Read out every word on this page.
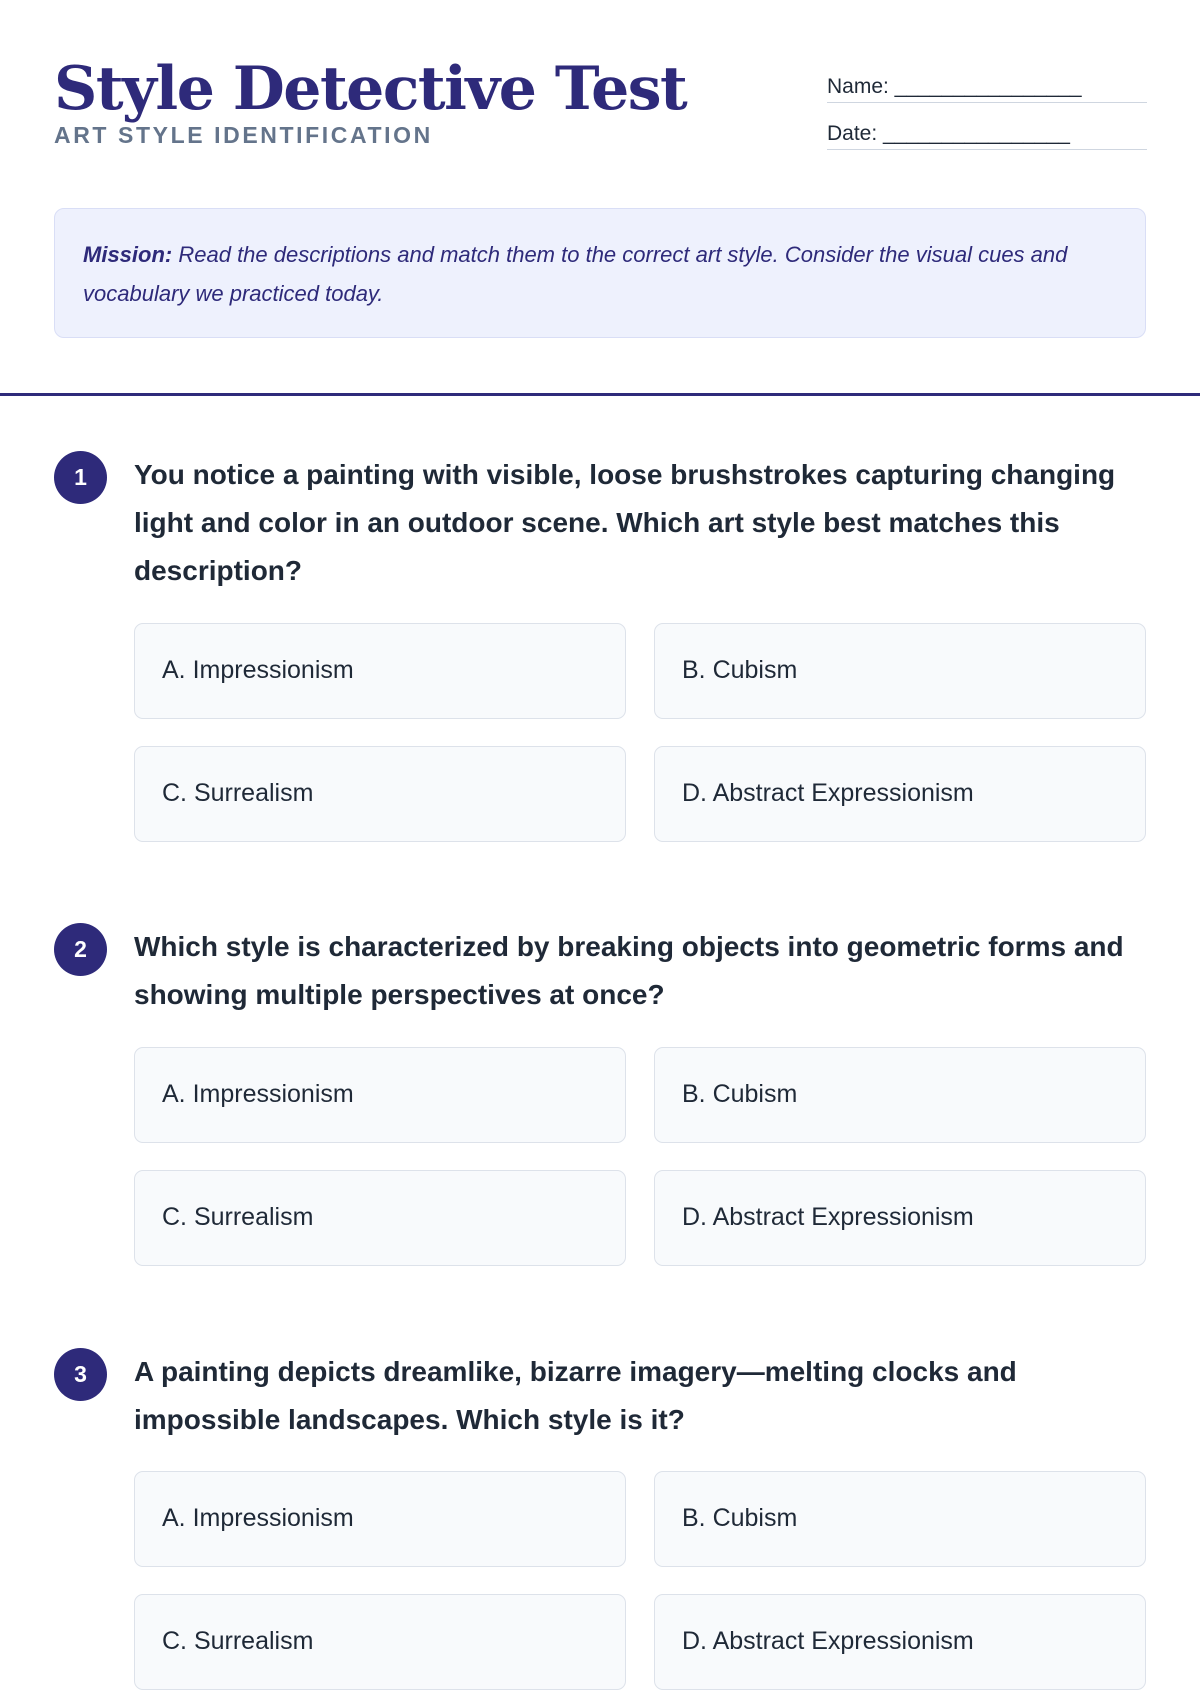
Style Detective Test
ART STYLE IDENTIFICATION
Name: ________________
Date: ________________
Mission: Read the descriptions and match them to the correct art style. Consider the visual cues and vocabulary we practiced today.
1	You notice a painting with visible, loose brushstrokes capturing changing light and color in an outdoor scene. Which art style best matches this description?

A. Impressionism	B. Cubism
C. Surrealism	D. Abstract Expressionism
2	Which style is characterized by breaking objects into geometric forms and showing multiple perspectives at once?

A. Impressionism	B. Cubism
C. Surrealism	D. Abstract Expressionism
3	A painting depicts dreamlike, bizarre imagery—melting clocks and impossible landscapes. Which style is it?

A. Impressionism	B. Cubism
C. Surrealism	D. Abstract Expressionism
